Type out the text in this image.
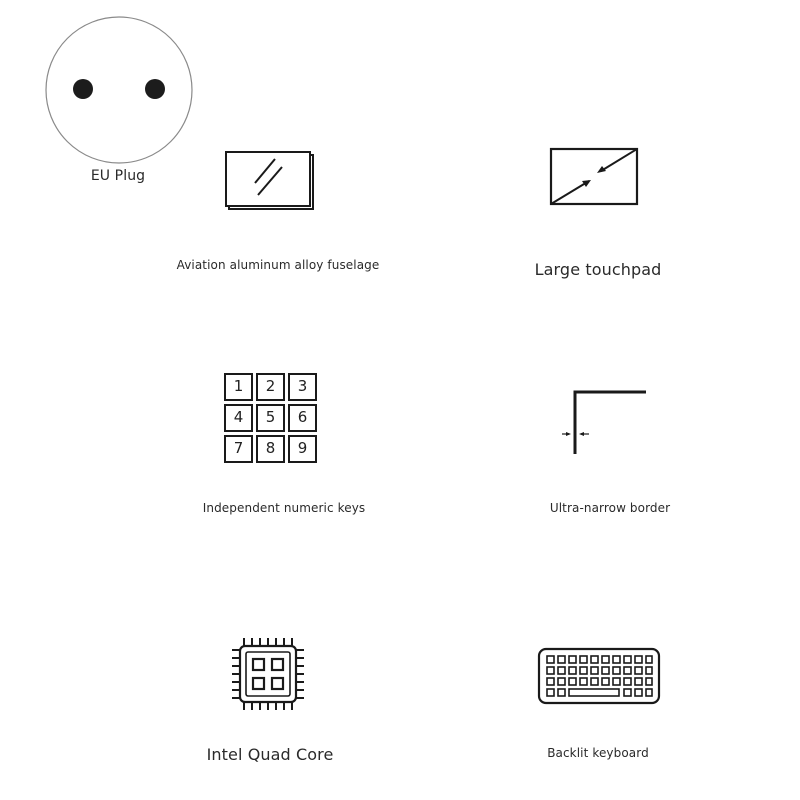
EU Plug
Aviation aluminum alloy fuselage	Large touchpad
1	2	3
4	5	6
7	8	9
Independent numeric keys	Ultra-narrow border
Intel Quad Core	Backlit keyboard
